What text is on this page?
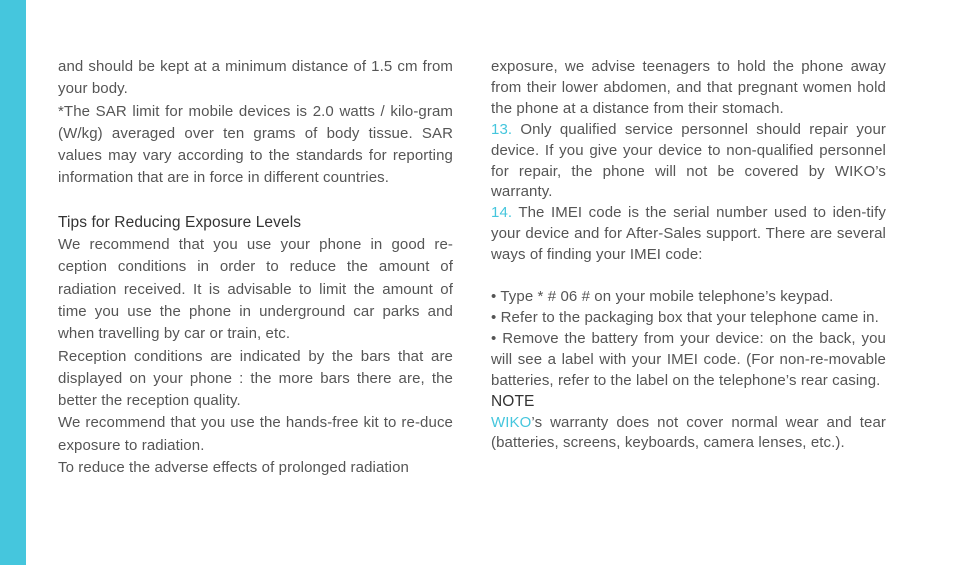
and should be kept at a minimum distance of 1.5 cm from your body.

*The SAR limit for mobile devices is 2.0 watts / kilo-gram (W/kg) averaged over ten grams of body tissue. SAR values may vary according to the standards for reporting information that are in force in different countries.

Tips for Reducing Exposure Levels

We recommend that you use your phone in good re-ception conditions in order to reduce the amount of radiation received. It is advisable to limit the amount of time you use the phone in underground car parks and when travelling by car or train, etc.

Reception conditions are indicated by the bars that are displayed on your phone : the more bars there are, the better the reception quality.

We recommend that you use the hands-free kit to re-duce exposure to radiation.

To reduce the adverse effects of prolonged radiation

exposure, we advise teenagers to hold the phone away from their lower abdomen, and that pregnant women hold the phone at a distance from their stomach.

13. Only qualified service personnel should repair your device. If you give your device to non-qualified personnel for repair, the phone will not be covered by WIKO’s warranty.

14. The IMEI code is the serial number used to iden-tify your device and for After-Sales support. There are several ways of finding your IMEI code:

• Type * # 06 # on your mobile telephone’s keypad.

• Refer to the packaging box that your telephone came in.

• Remove the battery from your device: on the back, you will see a label with your IMEI code. (For non-re-movable batteries, refer to the label on the telephone’s rear casing.

NOTE

WIKO’s warranty does not cover normal wear and tear (batteries, screens, keyboards, camera lenses, etc.).
